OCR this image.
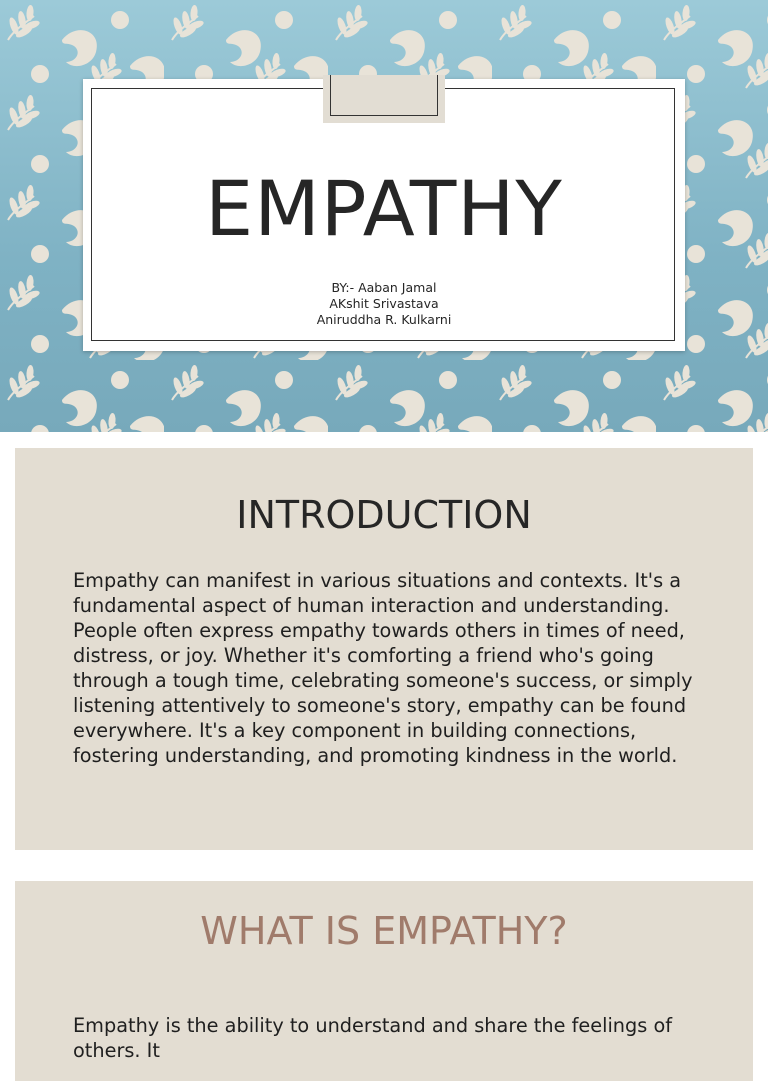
EMPATHY
BY:- Aaban Jamal
AKshit Srivastava
Aniruddha R. Kulkarni
INTRODUCTION
Empathy can manifest in various situations and contexts. It's a fundamental aspect of human interaction and understanding. People often express empathy towards others in times of need, distress, or joy. Whether it's comforting a friend who's going through a tough time, celebrating someone's success, or simply listening attentively to someone's story, empathy can be found everywhere. It's a key component in building connections, fostering understanding, and promoting kindness in the world.
WHAT IS EMPATHY?
Empathy is the ability to understand and share the feelings of others. It
